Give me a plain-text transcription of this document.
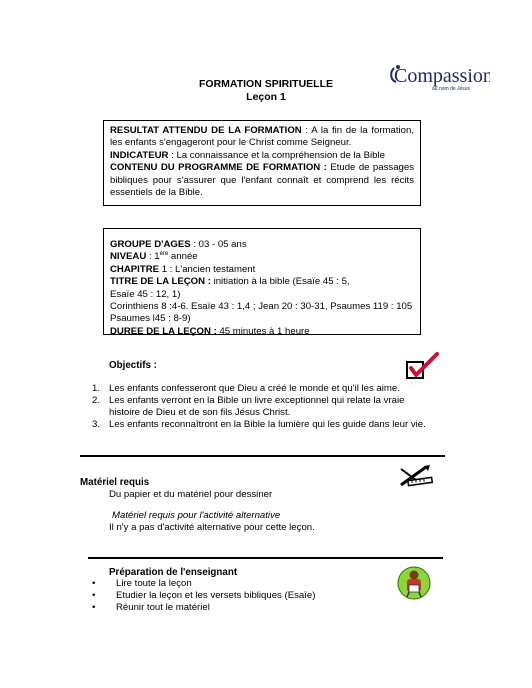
FORMATION SPIRITUELLE
Leçon 1
Compassion
au nom de Jésus
RESULTAT ATTENDU DE LA FORMATION : A la fin de la formation, les enfants s'engageront pour le Christ comme Seigneur.
INDICATEUR : La connaissance et la compréhension de la Bible
CONTENU DU PROGRAMME DE FORMATION : Etude de passages bibliques pour s'assurer que l'enfant connaît et comprend les récits essentiels de la Bible.
GROUPE D'AGES : 03 - 05 ans
NIVEAU : 1ère année
CHAPITRE 1 : L'ancien testament
TITRE DE LA LEÇON : initiation à la bible (Esaïe 45 : 5,
Esaïe 45 : 12, 1)
Corinthiens 8 :4-6. Esaïe 43 : 1,4 ; Jean 20 : 30-31, Psaumes 119 : 105
Psaumes l45 : 8-9)
DUREE DE LA LEÇON : 45 minutes à 1 heure
Objectifs :
1. Les enfants confesseront que Dieu a créé le monde et qu'il les aime.
2. Les enfants verront en la Bible un livre exceptionnel qui relate la vraie histoire de Dieu et de son fils Jésus Christ.
3. Les enfants reconnaîtront en la Bible la lumière qui les guide dans leur vie.
Matériel requis
Du papier et du matériel pour dessiner
Matériel requis pour l'activité alternative
Il n'y a pas d'activité alternative pour cette leçon.
Préparation de l'enseignant
• Lire toute la leçon
• Etudier la leçon et les versets bibliques (Esaïe)
• Réunir tout le matériel
